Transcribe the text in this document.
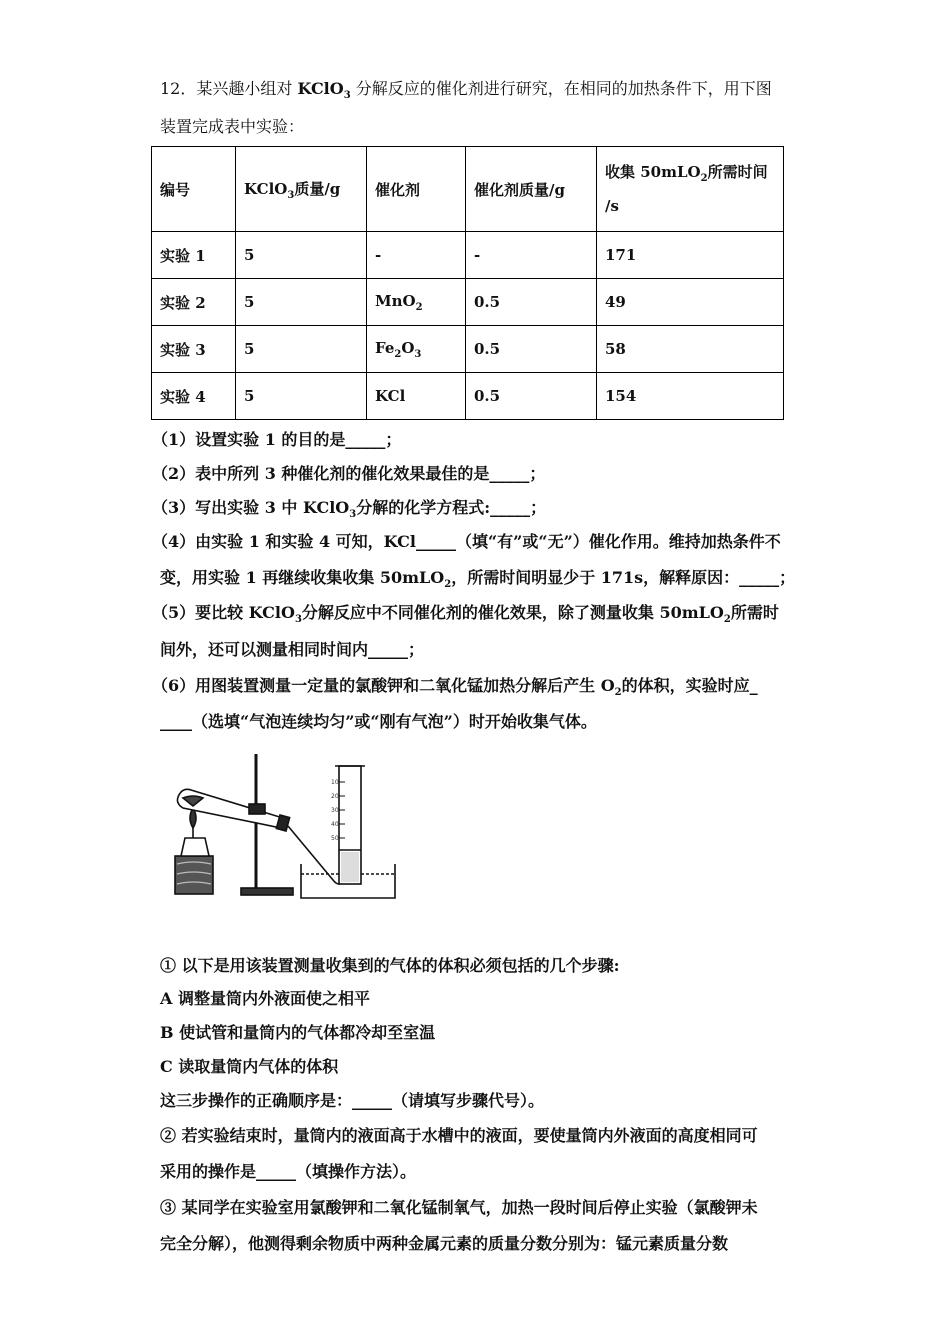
12．某兴趣小组对 KClO$_3$ 分解反应的催化剂进行研究，在相同的加热条件下，用下图
装置完成表中实验：
编号	KClO$_3$质量/g	催化剂	催化剂质量/g	收集 50mLO$_2$所需时间
/s
实验 1	5	-	-	171
实验 2	5	MnO$_2$	0.5	49
实验 3	5	$Fe_2O_3$	0.5	58
实验 4	5	KCl	0.5	154
（1）设置实验 1 的目的是_____；
（2）表中所列 3 种催化剂的催化效果最佳的是_____；
（3）写出实验 3 中 KClO$_3$分解的化学方程式:_____；
（4）由实验 1 和实验 4 可知，KCl_____（填“有”或“无”）催化作用。维持加热条件不
变，用实验 1 再继续收集收集 50mLO$_2$，所需时间明显少于 171s，解释原因：_____；
（5）要比较 KClO$_3$分解反应中不同催化剂的催化效果，除了测量收集 50mLO$_2$所需时
间外，还可以测量相同时间内_____；
（6）用图装置测量一定量的氯酸钾和二氧化锰加热分解后产生 $O_2$的体积，实验时应_
____（选填“气泡连续均匀”或“刚有气泡”）时开始收集气体。
10
20
30
40
50
① 以下是用该装置测量收集到的气体的体积必须包括的几个步骤:
A 调整量筒内外液面使之相平
B 使试管和量筒内的气体都冷却至室温
C 读取量筒内气体的体积
这三步操作的正确顺序是：_____（请填写步骤代号）。
② 若实验结束时，量筒内的液面高于水槽中的液面，要使量筒内外液面的高度相同可
采用的操作是_____（填操作方法）。
③ 某同学在实验室用氯酸钾和二氧化锰制氧气，加热一段时间后停止实验（氯酸钾未
完全分解），他测得剩余物质中两种金属元素的质量分数分别为：锰元素质量分数
